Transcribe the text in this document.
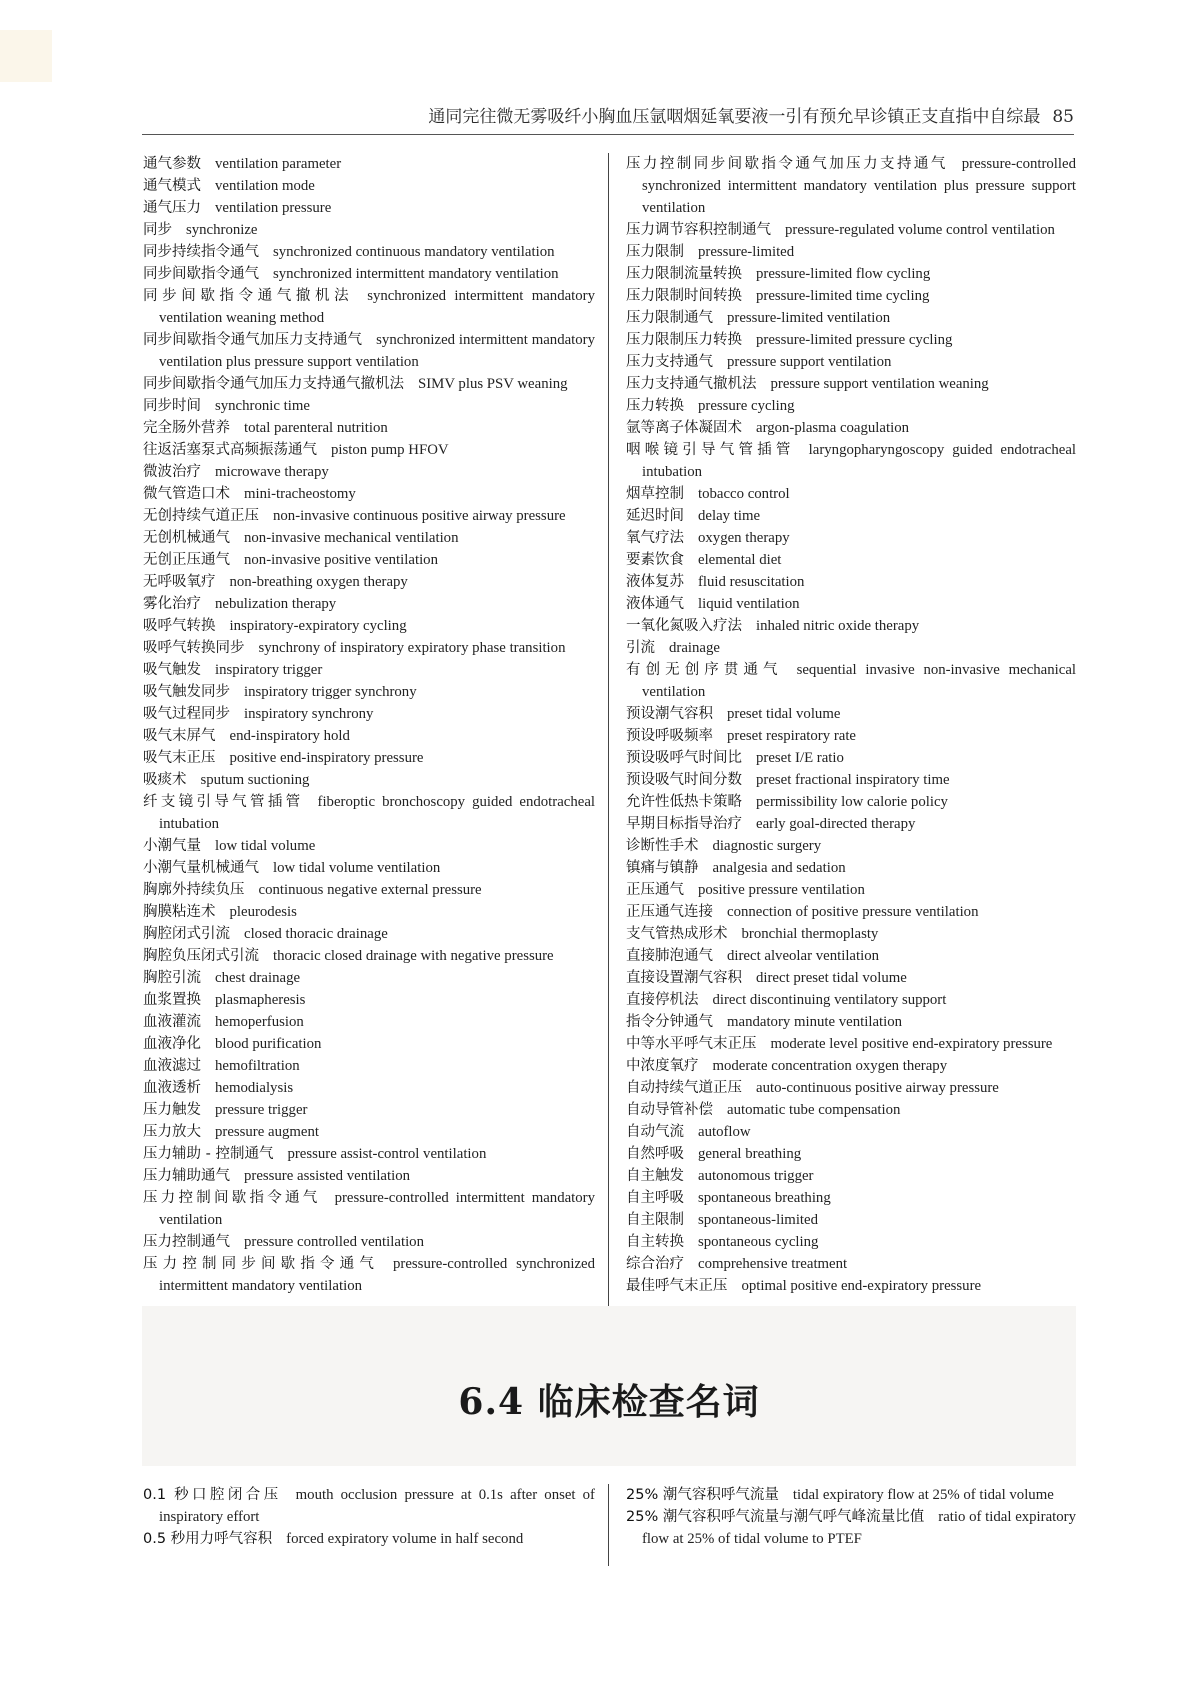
通同完往微无雾吸纤小胸血压氩咽烟延氧要液一引有预允早诊镇正支直指中自综最 85
通气参数 ventilation parameter
通气模式 ventilation mode
通气压力 ventilation pressure
同步 synchronize
同步持续指令通气 synchronized continuous mandatory ventilation
同步间歇指令通气 synchronized intermittent mandatory ventilation
同步间歇指令通气撤机法 synchronized intermittent mandatory ventilation weaning method
同步间歇指令通气加压力支持通气 synchronized intermittent mandatory ventilation plus pressure support ventilation
同步间歇指令通气加压力支持通气撤机法 SIMV plus PSV weaning
同步时间 synchronic time
完全肠外营养 total parenteral nutrition
往返活塞泵式高频振荡通气 piston pump HFOV
微波治疗 microwave therapy
微气管造口术 mini-tracheostomy
无创持续气道正压 non-invasive continuous positive airway pressure
无创机械通气 non-invasive mechanical ventilation
无创正压通气 non-invasive positive ventilation
无呼吸氧疗 non-breathing oxygen therapy
雾化治疗 nebulization therapy
吸呼气转换 inspiratory-expiratory cycling
吸呼气转换同步 synchrony of inspiratory expiratory phase transition
吸气触发 inspiratory trigger
吸气触发同步 inspiratory trigger synchrony
吸气过程同步 inspiratory synchrony
吸气末屏气 end-inspiratory hold
吸气末正压 positive end-inspiratory pressure
吸痰术 sputum suctioning
纤支镜引导气管插管 fiberoptic bronchoscopy guided endotracheal intubation
小潮气量 low tidal volume
小潮气量机械通气 low tidal volume ventilation
胸廓外持续负压 continuous negative external pressure
胸膜粘连术 pleurodesis
胸腔闭式引流 closed thoracic drainage
胸腔负压闭式引流 thoracic closed drainage with negative pressure
胸腔引流 chest drainage
血浆置换 plasmapheresis
血液灌流 hemoperfusion
血液净化 blood purification
血液滤过 hemofiltration
血液透析 hemodialysis
压力触发 pressure trigger
压力放大 pressure augment
压力辅助 - 控制通气 pressure assist-control ventilation
压力辅助通气 pressure assisted ventilation
压力控制间歇指令通气 pressure-controlled intermittent mandatory ventilation
压力控制通气 pressure controlled ventilation
压力控制同步间歇指令通气 pressure-controlled synchronized intermittent mandatory ventilation
压力控制同步间歇指令通气加压力支持通气 pressure-controlled synchronized intermittent mandatory ventilation plus pressure support ventilation
压力调节容积控制通气 pressure-regulated volume control ventilation
压力限制 pressure-limited
压力限制流量转换 pressure-limited flow cycling
压力限制时间转换 pressure-limited time cycling
压力限制通气 pressure-limited ventilation
压力限制压力转换 pressure-limited pressure cycling
压力支持通气 pressure support ventilation
压力支持通气撤机法 pressure support ventilation weaning
压力转换 pressure cycling
氩等离子体凝固术 argon-plasma coagulation
咽喉镜引导气管插管 laryngopharyngoscopy guided endotracheal intubation
烟草控制 tobacco control
延迟时间 delay time
氧气疗法 oxygen therapy
要素饮食 elemental diet
液体复苏 fluid resuscitation
液体通气 liquid ventilation
一氧化氮吸入疗法 inhaled nitric oxide therapy
引流 drainage
有创无创序贯通气 sequential invasive non-invasive mechanical ventilation
预设潮气容积 preset tidal volume
预设呼吸频率 preset respiratory rate
预设吸呼气时间比 preset I/E ratio
预设吸气时间分数 preset fractional inspiratory time
允许性低热卡策略 permissibility low calorie policy
早期目标指导治疗 early goal-directed therapy
诊断性手术 diagnostic surgery
镇痛与镇静 analgesia and sedation
正压通气 positive pressure ventilation
正压通气连接 connection of positive pressure ventilation
支气管热成形术 bronchial thermoplasty
直接肺泡通气 direct alveolar ventilation
直接设置潮气容积 direct preset tidal volume
直接停机法 direct discontinuing ventilatory support
指令分钟通气 mandatory minute ventilation
中等水平呼气末正压 moderate level positive end-expiratory pressure
中浓度氧疗 moderate concentration oxygen therapy
自动持续气道正压 auto-continuous positive airway pressure
自动导管补偿 automatic tube compensation
自动气流 autoflow
自然呼吸 general breathing
自主触发 autonomous trigger
自主呼吸 spontaneous breathing
自主限制 spontaneous-limited
自主转换 spontaneous cycling
综合治疗 comprehensive treatment
最佳呼气末正压 optimal positive end-expiratory pressure
6.4 临床检查名词
0.1 秒口腔闭合压 mouth occlusion pressure at 0.1s after onset of inspiratory effort
0.5 秒用力呼气容积 forced expiratory volume in half second
25% 潮气容积呼气流量 tidal expiratory flow at 25% of tidal volume
25% 潮气容积呼气流量与潮气呼气峰流量比值 ratio of tidal expiratory flow at 25% of tidal volume to PTEF
